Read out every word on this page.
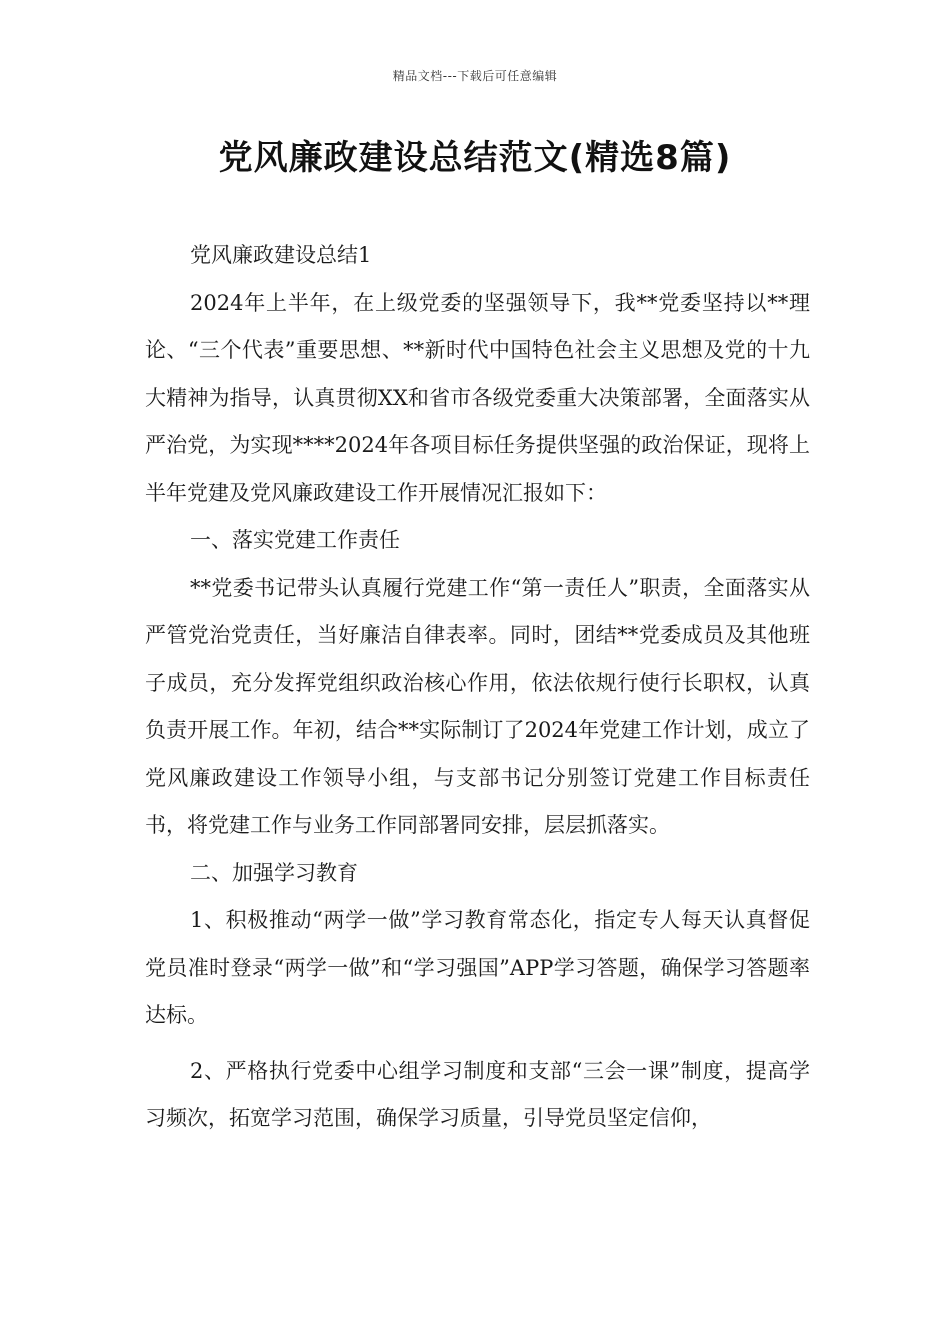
精品文档---下载后可任意编辑
党风廉政建设总结范文(精选8篇)

党风廉政建设总结1

2024年上半年，在上级党委的坚强领导下，我**党委坚持以**理论、“三个代表”重要思想、**新时代中国特色社会主义思想及党的十九大精神为指导，认真贯彻XX和省市各级党委重大决策部署，全面落实从严治党，为实现****2024年各项目标任务提供坚强的政治保证，现将上半年党建及党风廉政建设工作开展情况汇报如下：

一、落实党建工作责任

**党委书记带头认真履行党建工作“第一责任人”职责，全面落实从严管党治党责任，当好廉洁自律表率。同时，团结**党委成员及其他班子成员，充分发挥党组织政治核心作用，依法依规行使行长职权，认真负责开展工作。年初，结合**实际制订了2024年党建工作计划，成立了党风廉政建设工作领导小组，与支部书记分别签订党建工作目标责任书，将党建工作与业务工作同部署同安排，层层抓落实。

二、加强学习教育

1、积极推动“两学一做”学习教育常态化，指定专人每天认真督促党员准时登录“两学一做”和“学习强国”APP学习答题，确保学习答题率达标。

2、严格执行党委中心组学习制度和支部“三会一课”制度，提高学习频次，拓宽学习范围，确保学习质量，引导党员坚定信仰，
